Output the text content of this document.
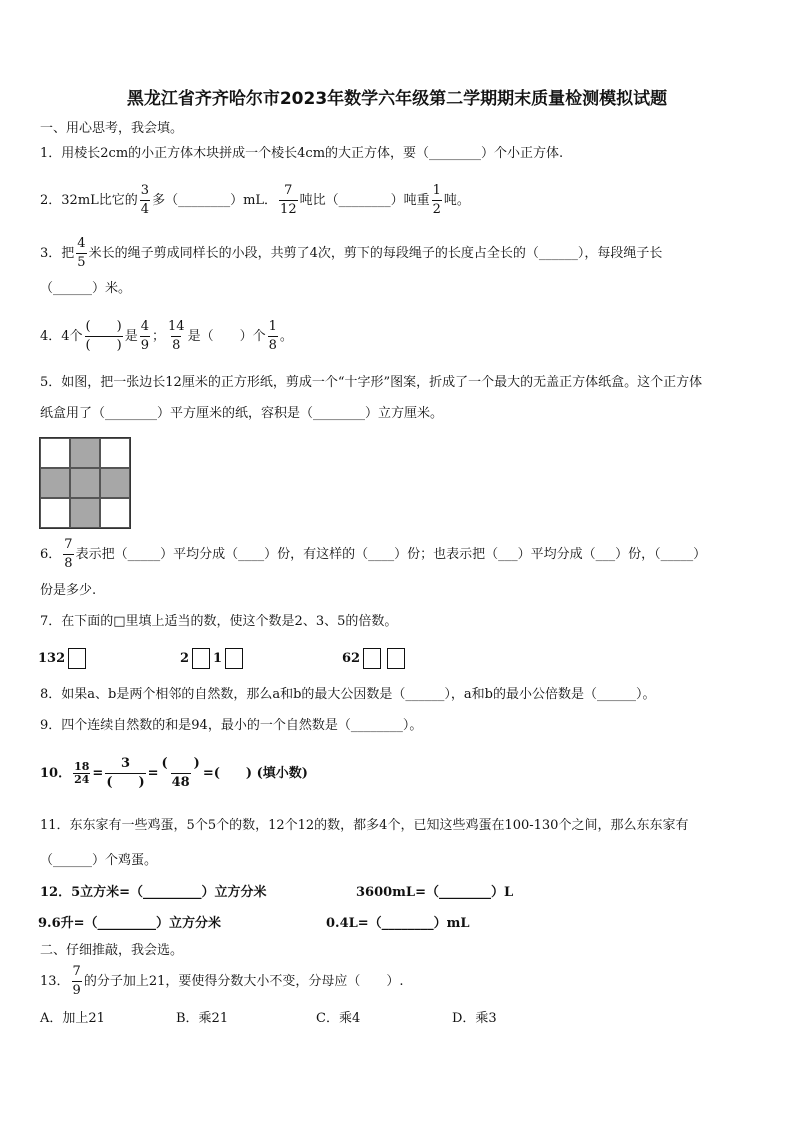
黑龙江省齐齐哈尔市2023年数学六年级第二学期期末质量检测模拟试题
一、用心思考，我会填。
1．用棱长2cm的小正方体木块拼成一个棱长4cm的大正方体，要（________）个小正方体.
2．32mL比它的 $\frac{3}{4}$ 多（________）mL． $\frac{7}{12}$ 吨比（________）吨重 $\frac{1}{2}$ 吨。
3．把 $\frac{4}{5}$ 米长的绳子剪成同样长的小段，共剪了4次，剪下的每段绳子的长度占全长的（______），每段绳子长
（______）米。
4．4个 $\frac{( )}{( )}$ 是 $\frac{4}{9}$ ； $\frac{14}{8}$ 是（　　）个 $\frac{1}{8}$ 。
5．如图，把一张边长12厘米的正方形纸，剪成一个“十字形”图案，折成了一个最大的无盖正方体纸盒。这个正方体
纸盒用了（________）平方厘米的纸，容积是（________）立方厘米。
6． $\frac{7}{8}$ 表示把（_____）平均分成（____）份，有这样的（____）份；也表示把（___）平均分成（___）份，（_____）
份是多少.
7．在下面的□里填上适当的数，使这个数是2、3、5的倍数。
132	2 1	62
8．如果a、b是两个相邻的自然数，那么a和b的最大公因数是（______），a和b的最小公倍数是（______）。
9．四个连续自然数的和是94，最小的一个自然数是（________）。
10． $\frac{18}{24} = \frac{3}{( )} = \frac{( )}{48}$ =(　　) (填小数)
11．东东家有一些鸡蛋，5个5个的数，12个12的数，都多4个，已知这些鸡蛋在100-130个之间，那么东东家有
（______）个鸡蛋。
12．5立方米=（_________）立方分米	3600mL=（________）L
9.6升=（_________）立方分米	0.4L=（________）mL
二、仔细推敲，我会选。
13． $\frac{7}{9}$ 的分子加上21，要使得分数大小不变，分母应（　　）.
A．加上21	B．乘21	C．乘4	D．乘3
